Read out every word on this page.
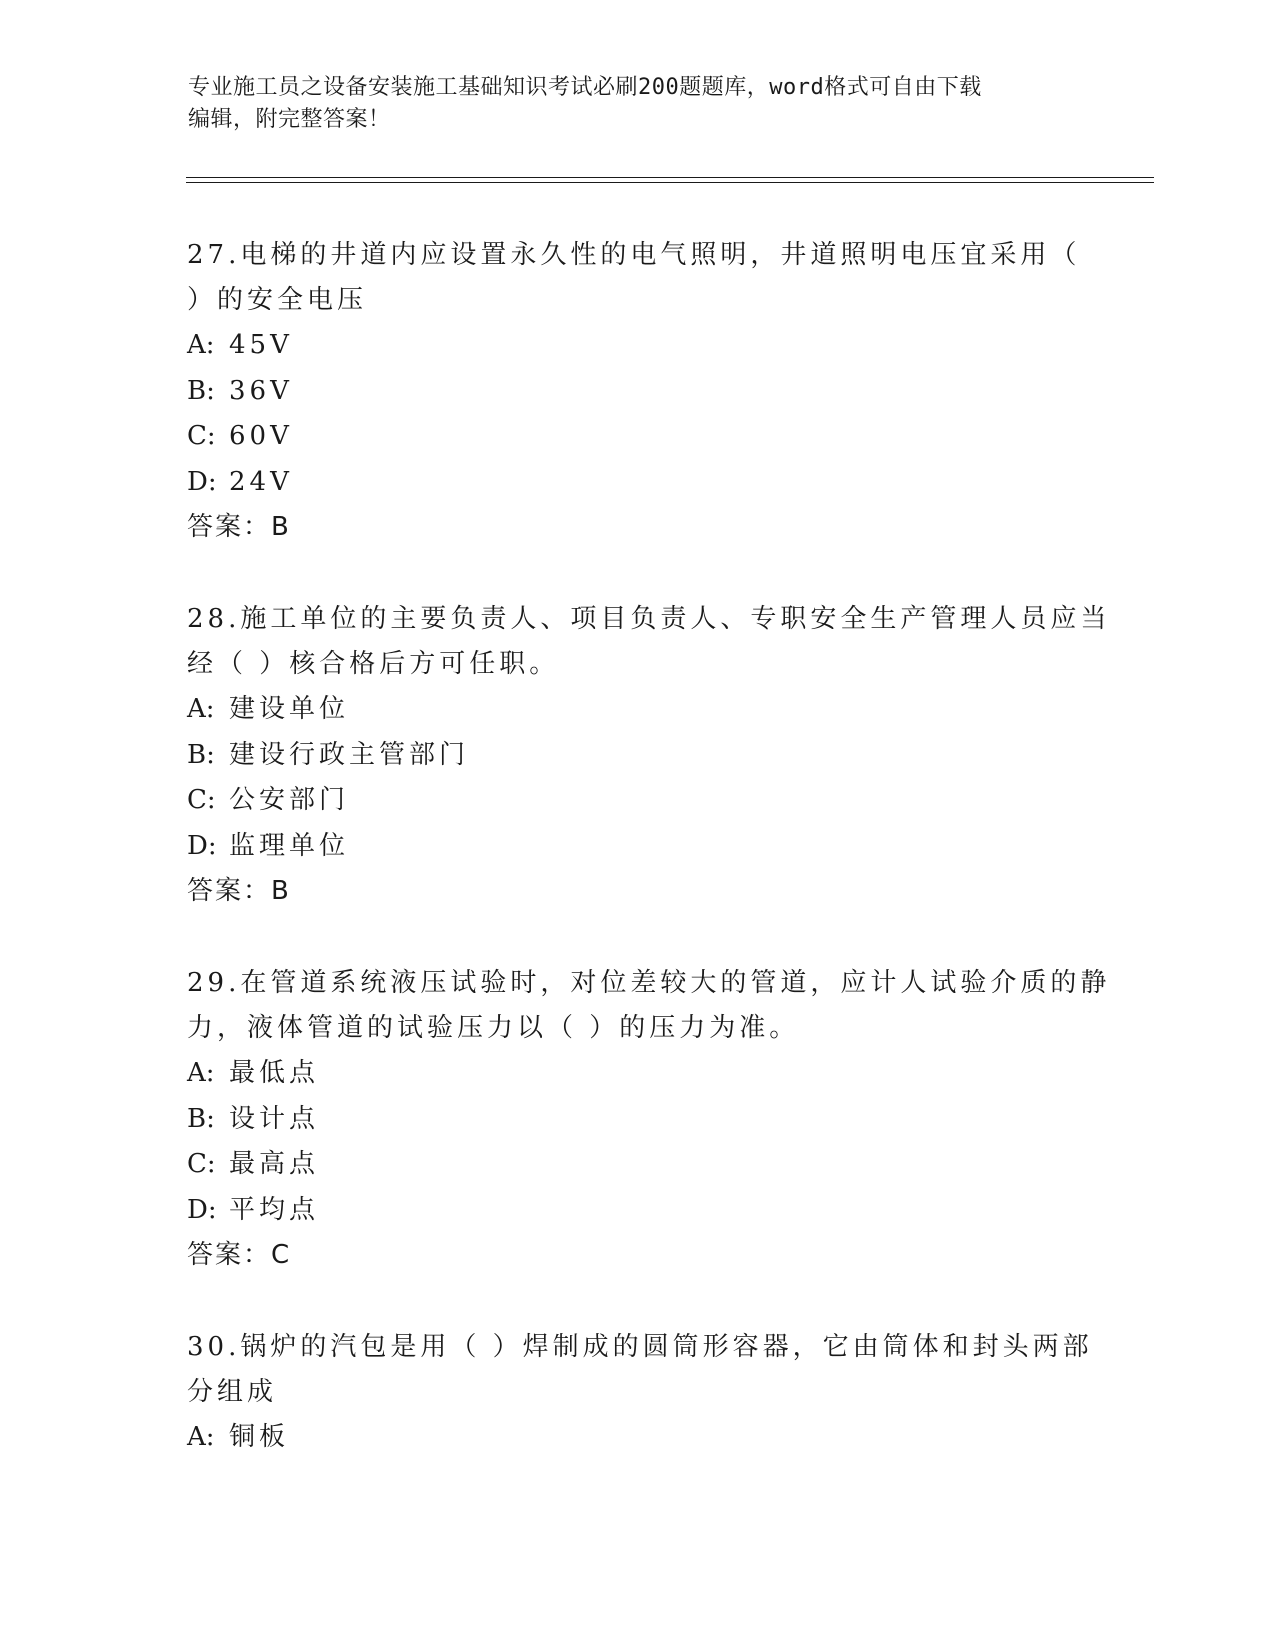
专业施工员之设备安装施工基础知识考试必刷200题题库，word格式可自由下载
编辑，附完整答案！
27.电梯的井道内应设置永久性的电气照明，井道照明电压宜采用（
）的安全电压
A: 45V
B: 36V
C: 60V
D: 24V
答案：B
28.施工单位的主要负责人、项目负责人、专职安全生产管理人员应当
经（ ）核合格后方可任职。
A: 建设单位
B: 建设行政主管部门
C: 公安部门
D: 监理单位
答案：B
29.在管道系统液压试验时，对位差较大的管道，应计人试验介质的静
力，液体管道的试验压力以（ ）的压力为准。
A: 最低点
B: 设计点
C: 最高点
D: 平均点
答案：C
30.锅炉的汽包是用（ ）焊制成的圆筒形容器，它由筒体和封头两部
分组成
A: 铜板
